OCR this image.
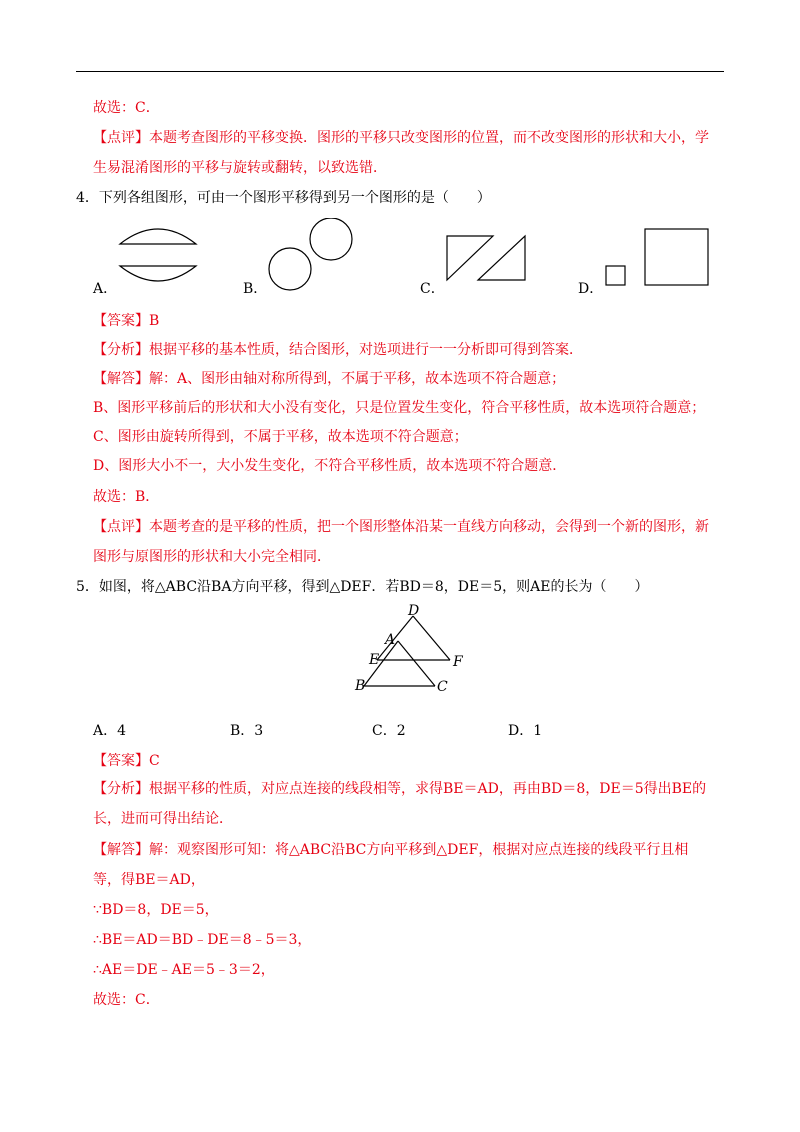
故选：C．
【点评】本题考查图形的平移变换．图形的平移只改变图形的位置，而不改变图形的形状和大小，学
生易混淆图形的平移与旋转或翻转，以致选错．
4．下列各组图形，可由一个图形平移得到另一个图形的是（　　）
A．	B．	C．	D．
【答案】B
【分析】根据平移的基本性质，结合图形，对选项进行一一分析即可得到答案．
【解答】解：A、图形由轴对称所得到，不属于平移，故本选项不符合题意；
B、图形平移前后的形状和大小没有变化，只是位置发生变化，符合平移性质，故本选项符合题意；
C、图形由旋转所得到，不属于平移，故本选项不符合题意；
D、图形大小不一，大小发生变化，不符合平移性质，故本选项不符合题意．
故选：B．
【点评】本题考查的是平移的性质，把一个图形整体沿某一直线方向移动，会得到一个新的图形，新
图形与原图形的形状和大小完全相同．
5．如图，将△ABC沿BA方向平移，得到△DEF．若BD＝8，DE＝5，则AE的长为（　　）
D
A
E	F
B	C
A．4	B．3	C．2	D．1
【答案】C
【分析】根据平移的性质，对应点连接的线段相等，求得BE＝AD，再由BD＝8，DE＝5得出BE的
长，进而可得出结论．
【解答】解：观察图形可知：将△ABC沿BC方向平移到△DEF，根据对应点连接的线段平行且相
等，得BE＝AD，
∵BD＝8，DE＝5，
∴BE＝AD＝BD﹣DE＝8﹣5＝3，
∴AE＝DE﹣AE＝5﹣3＝2，
故选：C．
